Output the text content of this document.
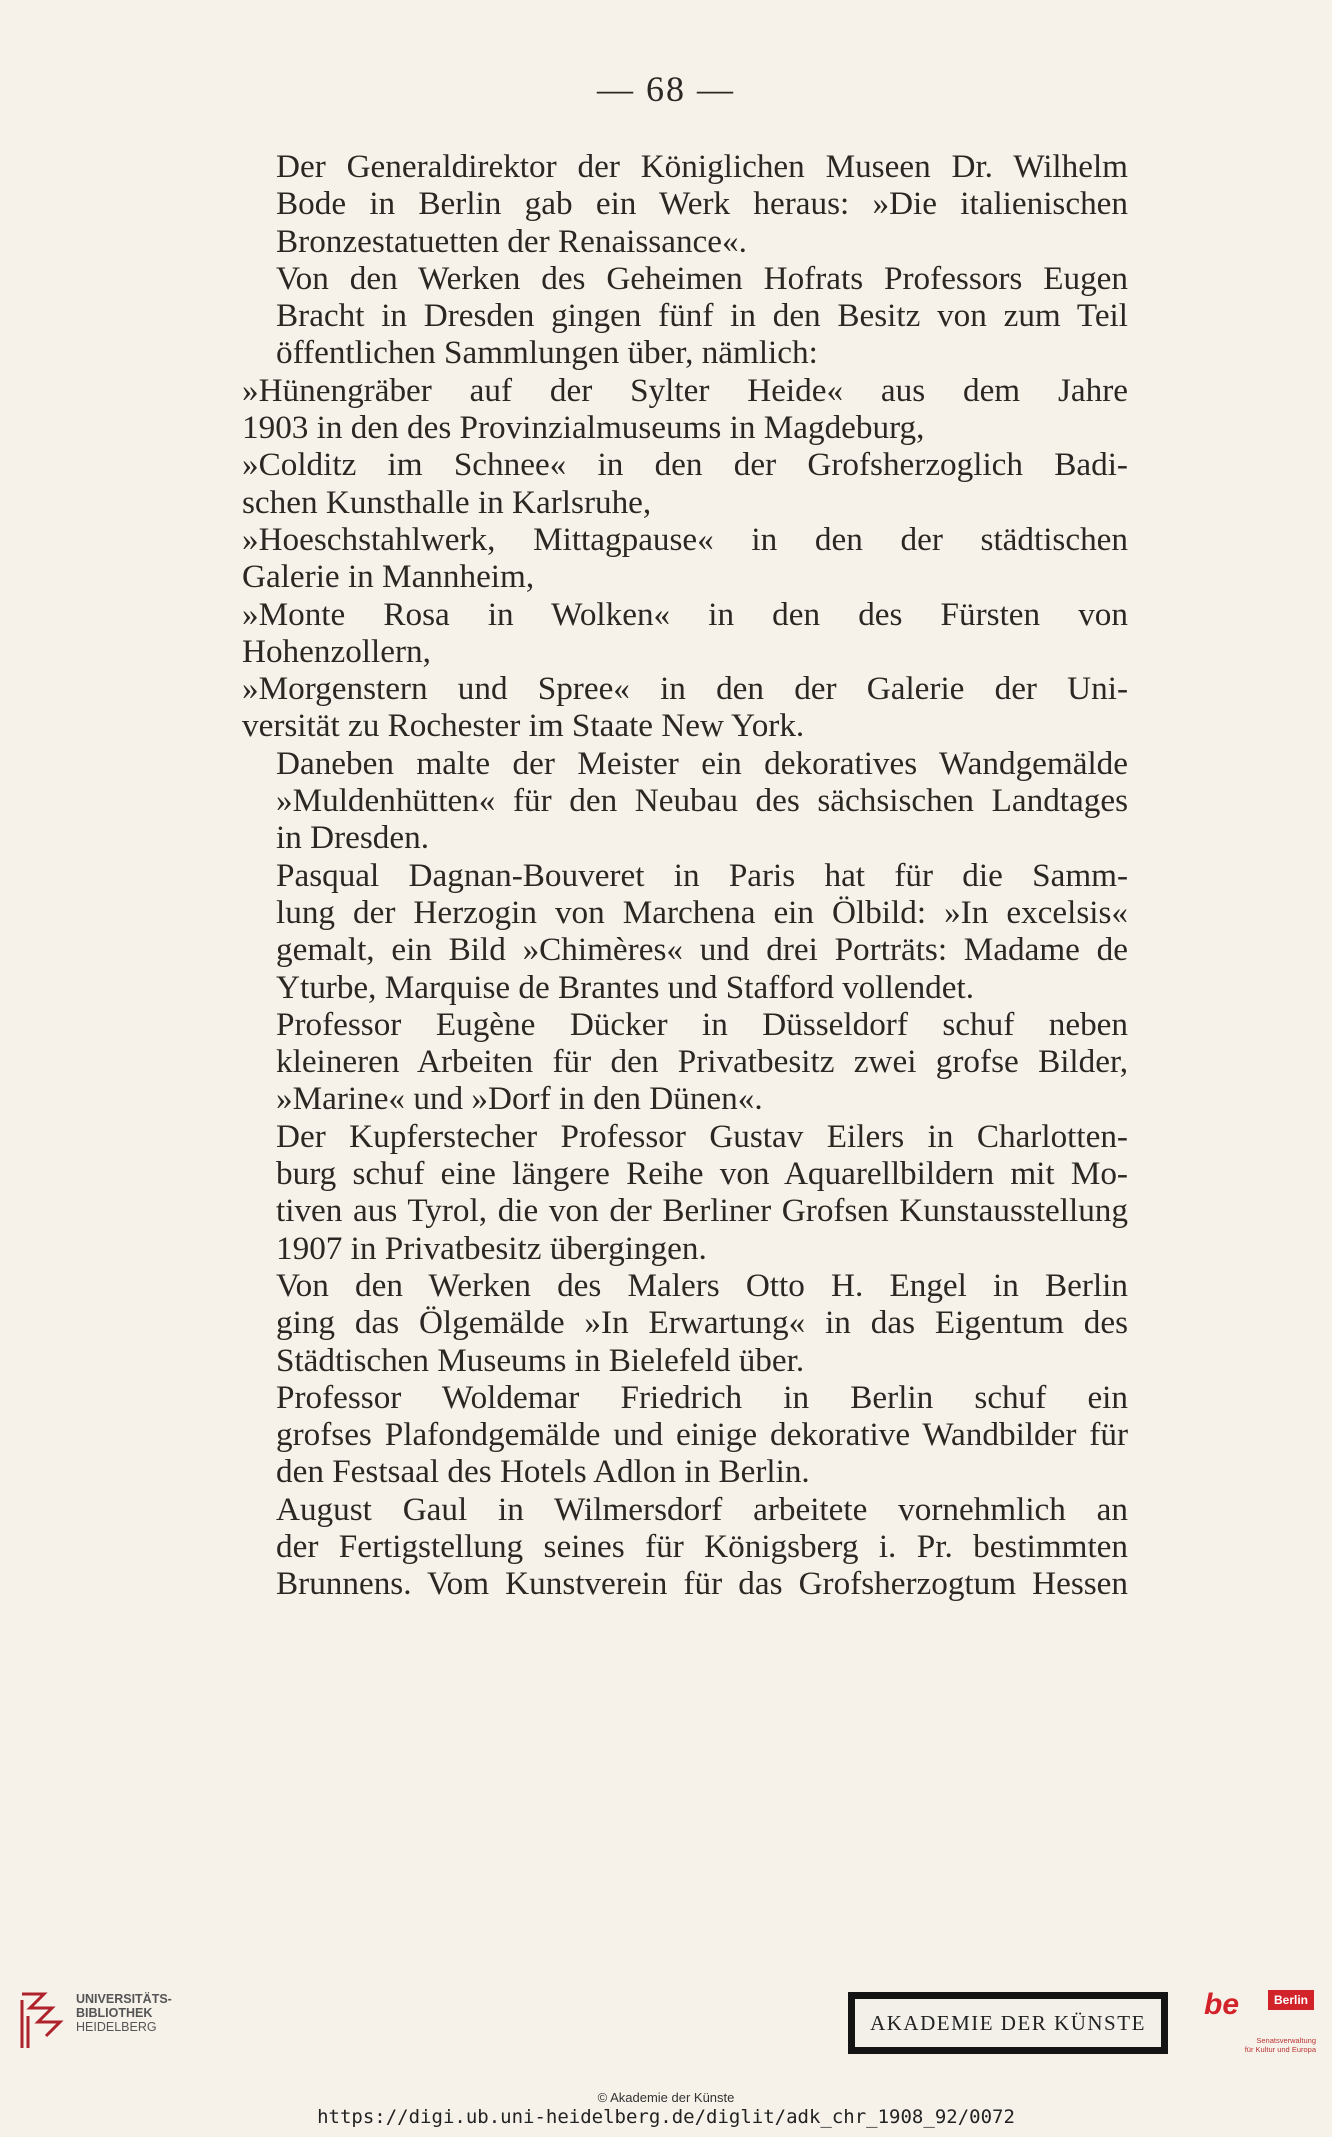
— 68 —

Der Generaldirektor der Königlichen Museen Dr. Wilhelm
Bode in Berlin gab ein Werk heraus: »Die italienischen
Bronzestatuetten der Renaissance«.

Von den Werken des Geheimen Hofrats Professors Eugen
Bracht in Dresden gingen fünf in den Besitz von zum Teil
öffentlichen Sammlungen über, nämlich:

»Hünengräber auf der Sylter Heide« aus dem Jahre
1903 in den des Provinzialmuseums in Magdeburg,

»Colditz im Schnee« in den der Grofsherzoglich Badi-
schen Kunsthalle in Karlsruhe,

»Hoeschstahlwerk, Mittagpause« in den der städtischen
Galerie in Mannheim,

»Monte Rosa in Wolken« in den des Fürsten von
Hohenzollern,

»Morgenstern und Spree« in den der Galerie der Uni-
versität zu Rochester im Staate New York.

Daneben malte der Meister ein dekoratives Wandgemälde
»Muldenhütten« für den Neubau des sächsischen Landtages
in Dresden.

Pasqual Dagnan-Bouveret in Paris hat für die Samm-
lung der Herzogin von Marchena ein Ölbild: »In excelsis«
gemalt, ein Bild »Chimères« und drei Porträts: Madame de
Yturbe, Marquise de Brantes und Stafford vollendet.

Professor Eugène Dücker in Düsseldorf schuf neben
kleineren Arbeiten für den Privatbesitz zwei grofse Bilder,
»Marine« und »Dorf in den Dünen«.

Der Kupferstecher Professor Gustav Eilers in Charlotten-
burg schuf eine längere Reihe von Aquarellbildern mit Mo-
tiven aus Tyrol, die von der Berliner Grofsen Kunstausstellung
1907 in Privatbesitz übergingen.

Von den Werken des Malers Otto H. Engel in Berlin
ging das Ölgemälde »In Erwartung« in das Eigentum des
Städtischen Museums in Bielefeld über.

Professor Woldemar Friedrich in Berlin schuf ein
grofses Plafondgemälde und einige dekorative Wandbilder für
den Festsaal des Hotels Adlon in Berlin.

August Gaul in Wilmersdorf arbeitete vornehmlich an
der Fertigstellung seines für Königsberg i. Pr. bestimmten
Brunnens. Vom Kunstverein für das Grofsherzogtum Hessen

UNIVERSITÄTS-
BIBLIOTHEK
HEIDELBERG	AKADEMIE DER KÜNSTE
be	Berlin
Senatsverwaltung
für Kultur und Europa
© Akademie der Künste
https://digi.ub.uni-heidelberg.de/diglit/adk_chr_1908_92/0072
